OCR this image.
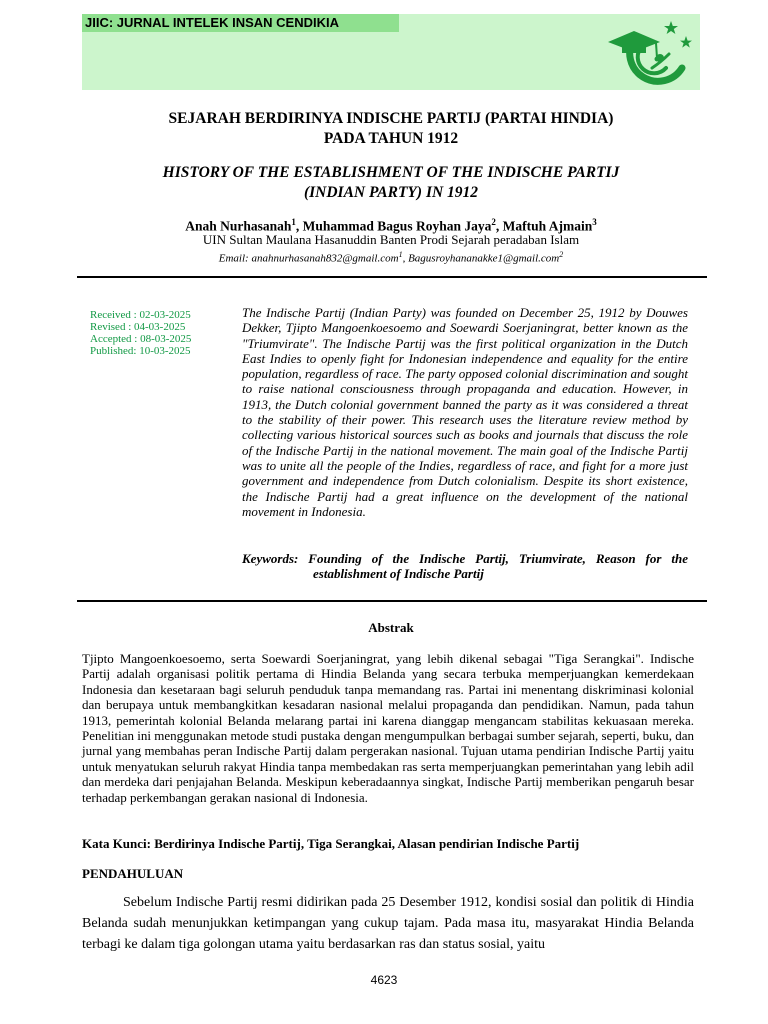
JIIC: JURNAL INTELEK INSAN CENDIKIA
SEJARAH BERDIRINYA INDISCHE PARTIJ (PARTAI HINDIA)
PADA TAHUN 1912
HISTORY OF THE ESTABLISHMENT OF THE INDISCHE PARTIJ
(INDIAN PARTY) IN 1912
Anah Nurhasanah$^1$, Muhammad Bagus Royhan Jaya$^2$, Maftuh Ajmain$^3$
UIN Sultan Maulana Hasanuddin Banten Prodi Sejarah peradaban Islam
Email: anahnurhasanah832@gmail.com$^1$, Bagusroyhananakke1@gmail.com$^2$
Received : 02-03-2025
Revised : 04-03-2025
Accepted : 08-03-2025
Published: 10-03-2025

The Indische Partij (Indian Party) was founded on December 25, 1912 by Douwes Dekker, Tjipto Mangoenkoesoemo and Soewardi Soerjaningrat, better known as the "Triumvirate". The Indische Partij was the first political organization in the Dutch East Indies to openly fight for Indonesian independence and equality for the entire population, regardless of race. The party opposed colonial discrimination and sought to raise national consciousness through propaganda and education. However, in 1913, the Dutch colonial government banned the party as it was considered a threat to the stability of their power. This research uses the literature review method by collecting various historical sources such as books and journals that discuss the role of the Indische Partij in the national movement. The main goal of the Indische Partij was to unite all the people of the Indies, regardless of race, and fight for a more just government and independence from Dutch colonialism. Despite its short existence, the Indische Partij had a great influence on the development of the national movement in Indonesia.

Keywords: Founding of the Indische Partij, Triumvirate, Reason for the establishment of Indische Partij

Abstrak

Tjipto Mangoenkoesoemo, serta Soewardi Soerjaningrat, yang lebih dikenal sebagai "Tiga Serangkai". Indische Partij adalah organisasi politik pertama di Hindia Belanda yang secara terbuka memperjuangkan kemerdekaan Indonesia dan kesetaraan bagi seluruh penduduk tanpa memandang ras. Partai ini menentang diskriminasi kolonial dan berupaya untuk membangkitkan kesadaran nasional melalui propaganda dan pendidikan. Namun, pada tahun 1913, pemerintah kolonial Belanda melarang partai ini karena dianggap mengancam stabilitas kekuasaan mereka. Penelitian ini menggunakan metode studi pustaka dengan mengumpulkan berbagai sumber sejarah, seperti, buku, dan jurnal yang membahas peran Indische Partij dalam pergerakan nasional. Tujuan utama pendirian Indische Partij yaitu untuk menyatukan seluruh rakyat Hindia tanpa membedakan ras serta memperjuangkan pemerintahan yang lebih adil dan merdeka dari penjajahan Belanda. Meskipun keberadaannya singkat, Indische Partij memberikan pengaruh besar terhadap perkembangan gerakan nasional di Indonesia.

Kata Kunci: Berdirinya Indische Partij, Tiga Serangkai, Alasan pendirian Indische Partij

PENDAHULUAN

Sebelum Indische Partij resmi didirikan pada 25 Desember 1912, kondisi sosial dan politik di Hindia Belanda sudah menunjukkan ketimpangan yang cukup tajam. Pada masa itu, masyarakat Hindia Belanda terbagi ke dalam tiga golongan utama yaitu berdasarkan ras dan status sosial, yaitu

4623
